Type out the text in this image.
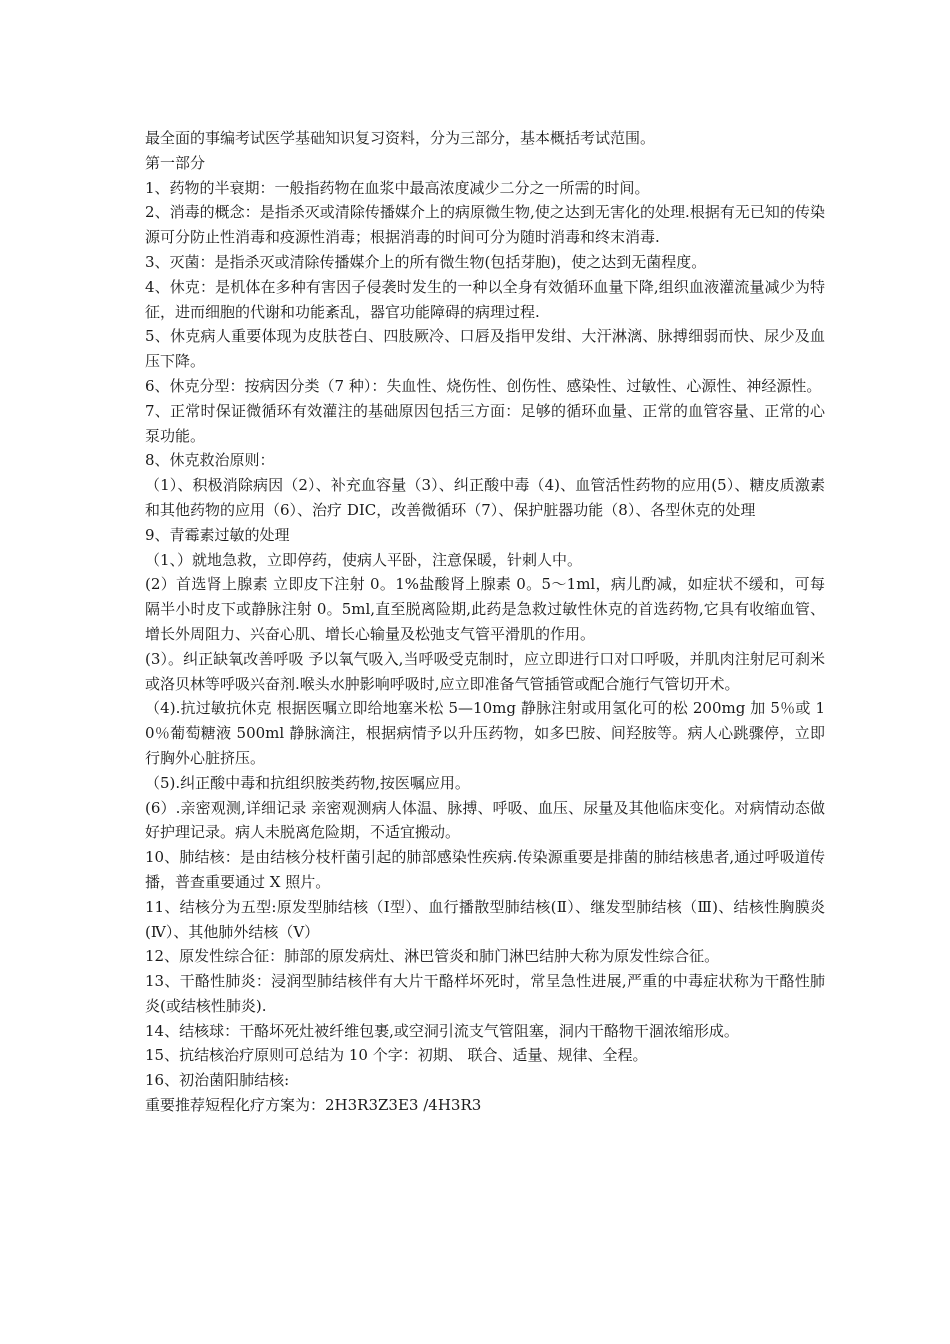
最全面的事编考试医学基础知识复习资料，分为三部分，基本概括考试范围。

第一部分

1、药物的半衰期：一般指药物在血浆中最高浓度减少二分之一所需的时间。

2、消毒的概念：是指杀灭或清除传播媒介上的病原微生物,使之达到无害化的处理.根据有无已知的传染源可分防止性消毒和疫源性消毒；根据消毒的时间可分为随时消毒和终末消毒.

3、灭菌：是指杀灭或清除传播媒介上的所有微生物(包括芽胞)，使之达到无菌程度。

4、休克：是机体在多种有害因子侵袭时发生的一种以全身有效循环血量下降,组织血液灌流量减少为特征，进而细胞的代谢和功能紊乱，器官功能障碍的病理过程.

5、休克病人重要体现为皮肤苍白、四肢厥冷、口唇及指甲发绀、大汗淋漓、脉搏细弱而快、尿少及血压下降。

6、休克分型：按病因分类（7 种）：失血性、烧伤性、创伤性、感染性、过敏性、心源性、神经源性。

7、正常时保证微循环有效灌注的基础原因包括三方面：足够的循环血量、正常的血管容量、正常的心泵功能。

8、休克救治原则：

（1）、积极消除病因（2）、补充血容量（3）、纠正酸中毒（4)、血管活性药物的应用(5）、糖皮质激素和其他药物的应用（6）、治疗 DIC，改善微循环（7）、保护脏器功能（8）、各型休克的处理

9、青霉素过敏的处理

（1、）就地急救，立即停药，使病人平卧，注意保暖，针刺人中。

(2）首选肾上腺素 立即皮下注射 0。1%盐酸肾上腺素 0。5～1ml，病儿酌减，如症状不缓和，可每隔半小时皮下或静脉注射 0。5ml,直至脱离险期,此药是急救过敏性休克的首选药物,它具有收缩血管、增长外周阻力、兴奋心肌、增长心输量及松弛支气管平滑肌的作用。

(3）。纠正缺氧改善呼吸 予以氧气吸入,当呼吸受克制时，应立即进行口对口呼吸，并肌肉注射尼可刹米或洛贝林等呼吸兴奋剂.喉头水肿影响呼吸时,应立即准备气管插管或配合施行气管切开术。

（4).抗过敏抗休克 根据医嘱立即给地塞米松 5—10mg 静脉注射或用氢化可的松 200mg 加 5％或 10％葡萄糖液 500ml 静脉滴注，根据病情予以升压药物，如多巴胺、间羟胺等。病人心跳骤停，立即行胸外心脏挤压。

（5).纠正酸中毒和抗组织胺类药物,按医嘱应用。

(6）.亲密观测,详细记录 亲密观测病人体温、脉搏、呼吸、血压、尿量及其他临床变化。对病情动态做好护理记录。病人未脱离危险期，不适宜搬动。

10、肺结核：是由结核分枝杆菌引起的肺部感染性疾病.传染源重要是排菌的肺结核患者,通过呼吸道传播，普查重要通过 X 照片。

11、结核分为五型:原发型肺结核（Ⅰ型）、血行播散型肺结核(Ⅱ）、继发型肺结核（Ⅲ)、结核性胸膜炎(Ⅳ）、其他肺外结核（Ⅴ）

12、原发性综合征：肺部的原发病灶、淋巴管炎和肺门淋巴结肿大称为原发性综合征。

13、干酪性肺炎：浸润型肺结核伴有大片干酪样坏死时，常呈急性进展,严重的中毒症状称为干酪性肺炎(或结核性肺炎).

14、结核球：干酪坏死灶被纤维包裹,或空洞引流支气管阻塞，洞内干酪物干涸浓缩形成。

15、抗结核治疗原则可总结为 10 个字：初期、 联合、适量、规律、全程。

16、初治菌阳肺结核:

重要推荐短程化疗方案为：2H3R3Z3E3 /4H3R3
